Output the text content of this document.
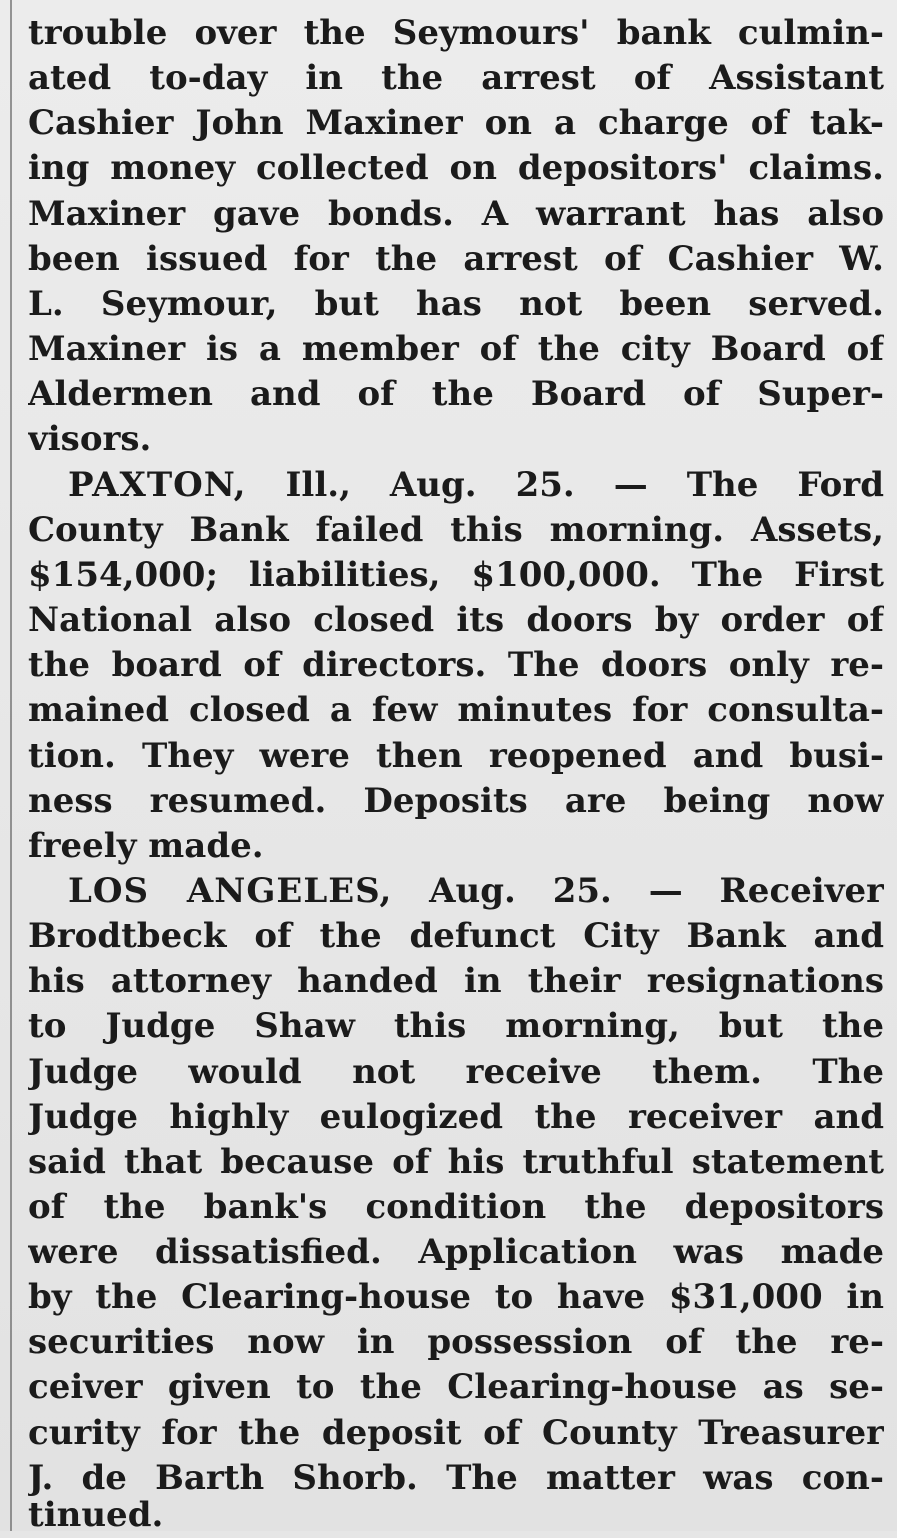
trouble over the Seymours' bank culmin-
ated to-day in the arrest of Assistant
Cashier John Maxiner on a charge of tak-
ing money collected on depositors' claims.
Maxiner gave bonds. A warrant has also
been issued for the arrest of Cashier W.
L. Seymour, but has not been served.
Maxiner is a member of the city Board of
Aldermen and of the Board of Super-
visors.
PAXTON, Ill., Aug. 25. — The Ford
County Bank failed this morning. Assets,
$154,000; liabilities, $100,000. The First
National also closed its doors by order of
the board of directors. The doors only re-
mained closed a few minutes for consulta-
tion. They were then reopened and busi-
ness resumed. Deposits are being now
freely made.
LOS ANGELES, Aug. 25. — Receiver
Brodtbeck of the defunct City Bank and
his attorney handed in their resignations
to Judge Shaw this morning, but the
Judge would not receive them. The
Judge highly eulogized the receiver and
said that because of his truthful statement
of the bank's condition the depositors
were dissatisfied. Application was made
by the Clearing-house to have $31,000 in
securities now in possession of the re-
ceiver given to the Clearing-house as se-
curity for the deposit of County Treasurer
J. de Barth Shorb. The matter was con-
tinued.
